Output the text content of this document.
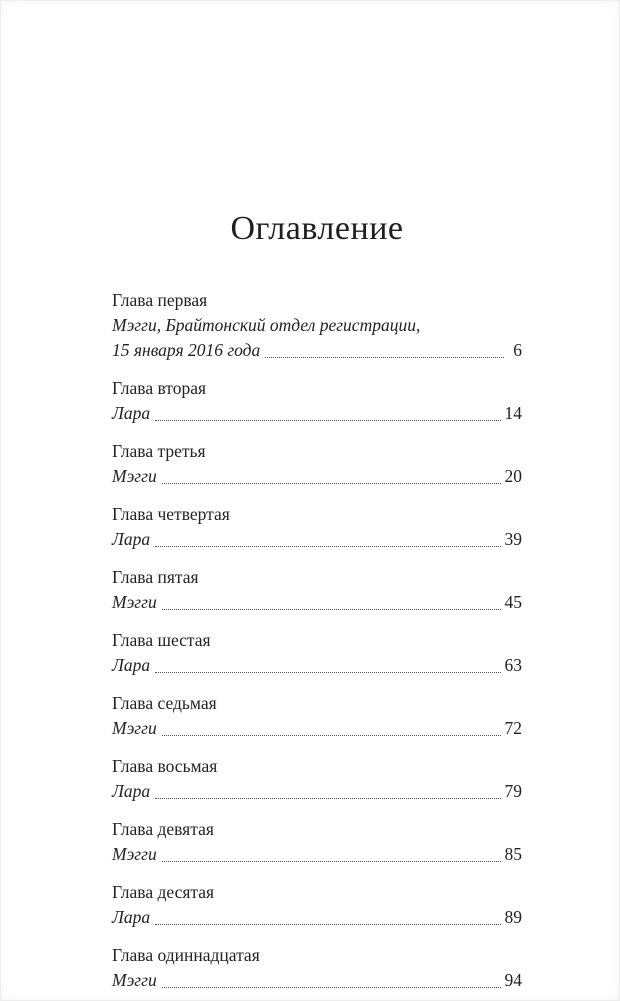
Оглавление
Глава первая
Мэгги, Брайтонский отдел регистрации,
15 января 2016 года	6
Глава вторая
Лара	14
Глава третья
Мэгги	20
Глава четвертая
Лара	39
Глава пятая
Мэгги	45
Глава шестая
Лара	63
Глава седьмая
Мэгги	72
Глава восьмая
Лара	79
Глава девятая
Мэгги	85
Глава десятая
Лара	89
Глава одиннадцатая
Мэгги	94
